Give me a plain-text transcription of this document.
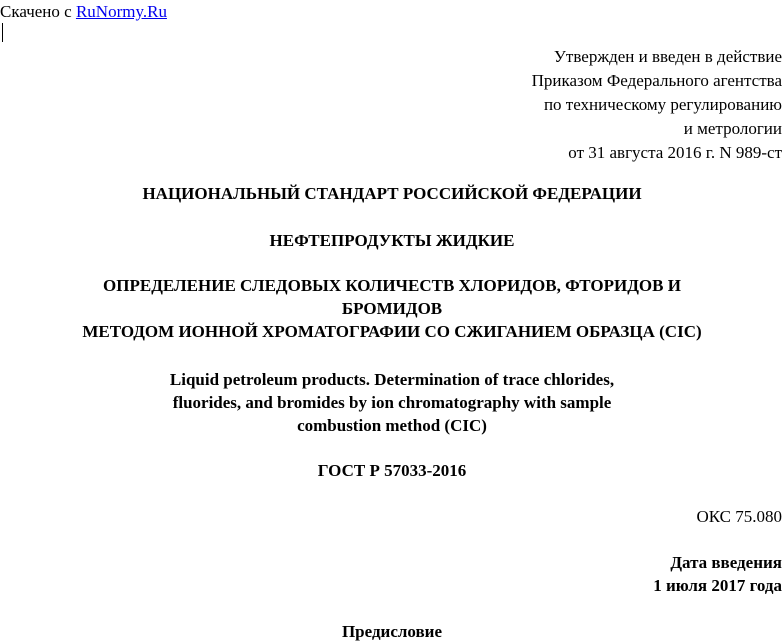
Скачено с RuNormy.Ru
Утвержден и введен в действие
Приказом Федерального агентства
по техническому регулированию
и метрологии
от 31 августа 2016 г. N 989-ст
НАЦИОНАЛЬНЫЙ СТАНДАРТ РОССИЙСКОЙ ФЕДЕРАЦИИ
НЕФТЕПРОДУКТЫ ЖИДКИЕ
ОПРЕДЕЛЕНИЕ СЛЕДОВЫХ КОЛИЧЕСТВ ХЛОРИДОВ, ФТОРИДОВ И
БРОМИДОВ
МЕТОДОМ ИОННОЙ ХРОМАТОГРАФИИ СО СЖИГАНИЕМ ОБРАЗЦА (CIC)
Liquid petroleum products. Determination of trace chlorides,
fluorides, and bromides by ion chromatography with sample
combustion method (CIC)
ГОСТ Р 57033-2016
ОКС 75.080
Дата введения
1 июля 2017 года
Предисловие
